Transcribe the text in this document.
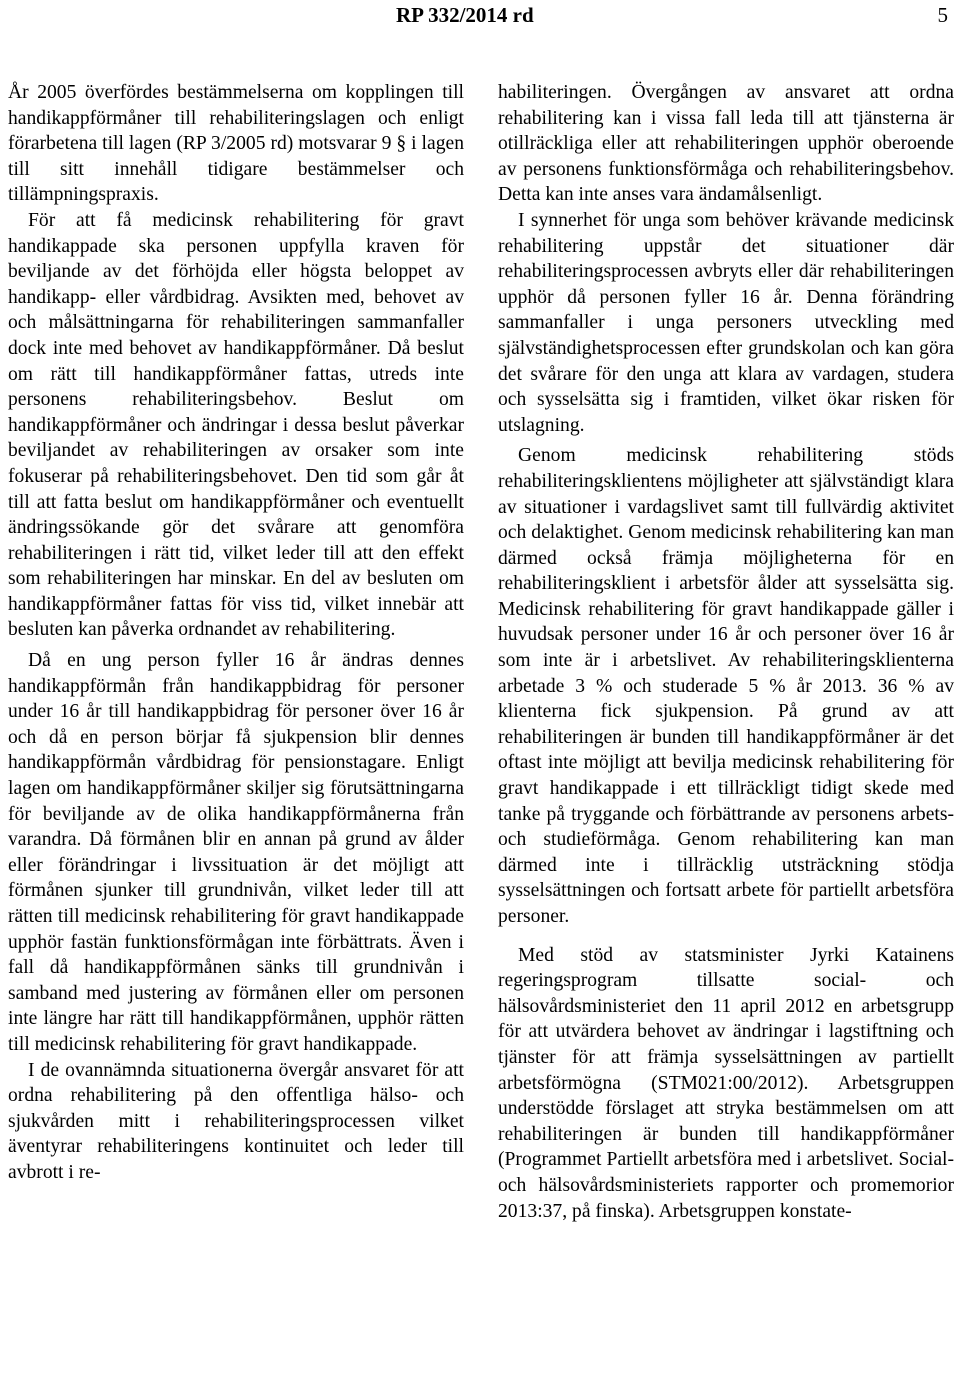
RP 332/2014 rd	5

År 2005 överfördes bestämmelserna om kopplingen till handikappförmåner till rehabiliteringslagen och enligt förarbetena till lagen (RP 3/2005 rd) motsvarar 9 § i lagen till sitt innehåll tidigare bestämmelser och tillämpningspraxis.

För att få medicinsk rehabilitering för gravt handikappade ska personen uppfylla kraven för beviljande av det förhöjda eller högsta beloppet av handikapp- eller vårdbidrag. Avsikten med, behovet av och målsättningarna för rehabiliteringen sammanfaller dock inte med behovet av handikappförmåner. Då beslut om rätt till handikappförmåner fattas, utreds inte personens rehabiliteringsbehov. Beslut om handikappförmåner och ändringar i dessa beslut påverkar beviljandet av rehabiliteringen av orsaker som inte fokuserar på rehabiliteringsbehovet. Den tid som går åt till att fatta beslut om handikappförmåner och eventuellt ändringssökande gör det svårare att genomföra rehabiliteringen i rätt tid, vilket leder till att den effekt som rehabiliteringen har minskar. En del av besluten om handikappförmåner fattas för viss tid, vilket innebär att besluten kan påverka ordnandet av rehabilitering.

Då en ung person fyller 16 år ändras dennes handikappförmån från handikappbidrag för personer under 16 år till handikappbidrag för personer över 16 år och då en person börjar få sjukpension blir dennes handikappförmån vårdbidrag för pensionstagare. Enligt lagen om handikappförmåner skiljer sig förutsättningarna för beviljande av de olika handikappförmånerna från varandra. Då förmånen blir en annan på grund av ålder eller förändringar i livssituation är det möjligt att förmånen sjunker till grundnivån, vilket leder till att rätten till medicinsk rehabilitering för gravt handikappade upphör fastän funktionsförmågan inte förbättrats. Även i fall då handikappförmånen sänks till grundnivån i samband med justering av förmånen eller om personen inte längre har rätt till handikappförmånen, upphör rätten till medicinsk rehabilitering för gravt handikappade.

I de ovannämnda situationerna övergår ansvaret för att ordna rehabilitering på den offentliga hälso- och sjukvården mitt i rehabiliteringsprocessen vilket äventyrar rehabiliteringens kontinuitet och leder till avbrott i re-

habiliteringen. Övergången av ansvaret att ordna rehabilitering kan i vissa fall leda till att tjänsterna är otillräckliga eller att rehabiliteringen upphör oberoende av personens funktionsförmåga och rehabiliteringsbehov. Detta kan inte anses vara ändamålsenligt.

I synnerhet för unga som behöver krävande medicinsk rehabilitering uppstår det situationer där rehabiliteringsprocessen avbryts eller där rehabiliteringen upphör då personen fyller 16 år. Denna förändring sammanfaller i unga personers utveckling med självständighetsprocessen efter grundskolan och kan göra det svårare för den unga att klara av vardagen, studera och sysselsätta sig i framtiden, vilket ökar risken för utslagning.

Genom medicinsk rehabilitering stöds rehabiliteringsklientens möjligheter att självständigt klara av situationer i vardagslivet samt till fullvärdig aktivitet och delaktighet. Genom medicinsk rehabilitering kan man därmed också främja möjligheterna för en rehabiliteringsklient i arbetsför ålder att sysselsätta sig. Medicinsk rehabilitering för gravt handikappade gäller i huvudsak personer under 16 år och personer över 16 år som inte är i arbetslivet. Av rehabiliteringsklienterna arbetade 3 % och studerade 5 % år 2013. 36 % av klienterna fick sjukpension. På grund av att rehabiliteringen är bunden till handikappförmåner är det oftast inte möjligt att bevilja medicinsk rehabilitering för gravt handikappade i ett tillräckligt tidigt skede med tanke på tryggande och förbättrande av personens arbets- och studieförmåga. Genom rehabilitering kan man därmed inte i tillräcklig utsträckning stödja sysselsättningen och fortsatt arbete för partiellt arbetsföra personer.

Med stöd av statsminister Jyrki Katainens regeringsprogram tillsatte social- och hälsovårdsministeriet den 11 april 2012 en arbetsgrupp för att utvärdera behovet av ändringar i lagstiftning och tjänster för att främja sysselsättningen av partiellt arbetsförmögna (STM021:00/2012). Arbetsgruppen understödde förslaget att stryka bestämmelsen om att rehabiliteringen är bunden till handikappförmåner (Programmet Partiellt arbetsföra med i arbetslivet. Social- och hälsovårdsministeriets rapporter och promemorior 2013:37, på finska). Arbetsgruppen konstate-
